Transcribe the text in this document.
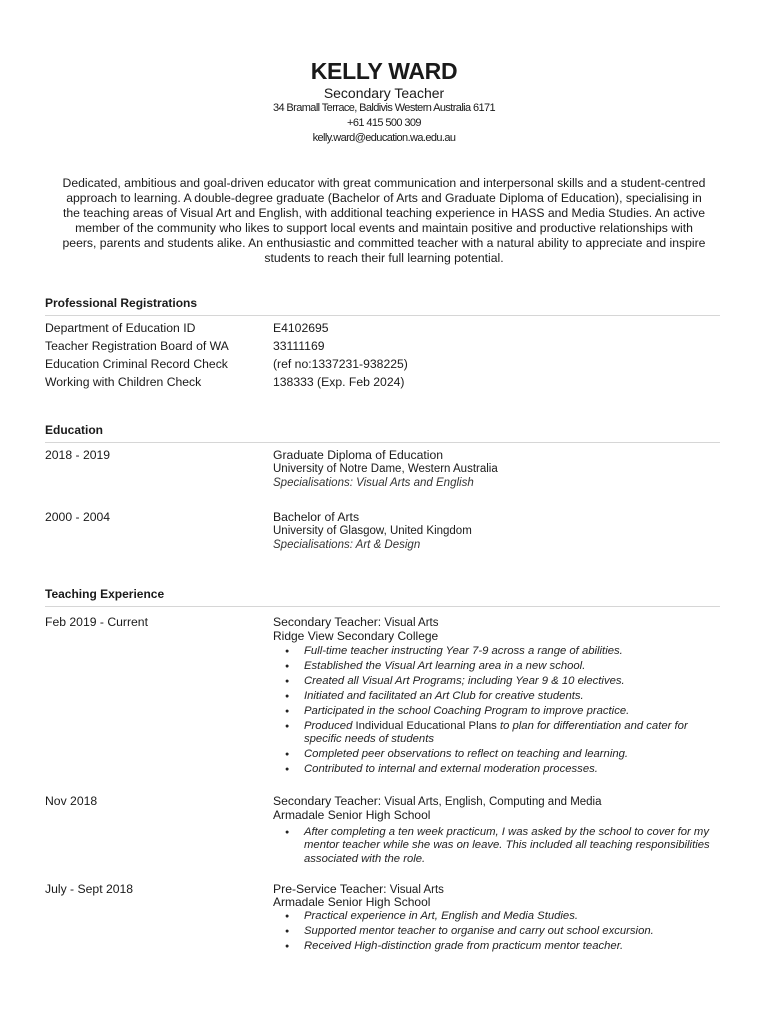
KELLY WARD
Secondary Teacher
34 Bramall Terrace, Baldivis Western Australia 6171
+61 415 500 309
kelly.ward@education.wa.edu.au
Dedicated, ambitious and goal-driven educator with great communication and interpersonal skills and a student-centred approach to learning. A double-degree graduate (Bachelor of Arts and Graduate Diploma of Education), specialising in the teaching areas of Visual Art and English, with additional teaching experience in HASS and Media Studies. An active member of the community who likes to support local events and maintain positive and productive relationships with peers, parents and students alike. An enthusiastic and committed teacher with a natural ability to appreciate and inspire students to reach their full learning potential.
Professional Registrations
Department of Education ID	E4102695
Teacher Registration Board of WA	33111169
Education Criminal Record Check	(ref no:1337231-938225)
Working with Children Check	138333 (Exp. Feb 2024)
Education
2018 - 2019	Graduate Diploma of Education
University of Notre Dame, Western Australia
Specialisations: Visual Arts and English
2000 - 2004	Bachelor of Arts
University of Glasgow, United Kingdom
Specialisations: Art & Design
Teaching Experience
Feb 2019 - Current	Secondary Teacher: Visual Arts
Ridge View Secondary College
● Full-time teacher instructing Year 7-9 across a range of abilities.
● Established the Visual Art learning area in a new school.
● Created all Visual Art Programs; including Year 9 & 10 electives.
● Initiated and facilitated an Art Club for creative students.
● Participated in the school Coaching Program to improve practice.
● Produced Individual Educational Plans to plan for differentiation and cater for specific needs of students
● Completed peer observations to reflect on teaching and learning.
● Contributed to internal and external moderation processes.
Nov 2018	Secondary Teacher: Visual Arts, English, Computing and Media
Armadale Senior High School
● After completing a ten week practicum, I was asked by the school to cover for my mentor teacher while she was on leave. This included all teaching responsibilities associated with the role.
July - Sept 2018	Pre-Service Teacher: Visual Arts
Armadale Senior High School
● Practical experience in Art, English and Media Studies.
● Supported mentor teacher to organise and carry out school excursion.
● Received High-distinction grade from practicum mentor teacher.
